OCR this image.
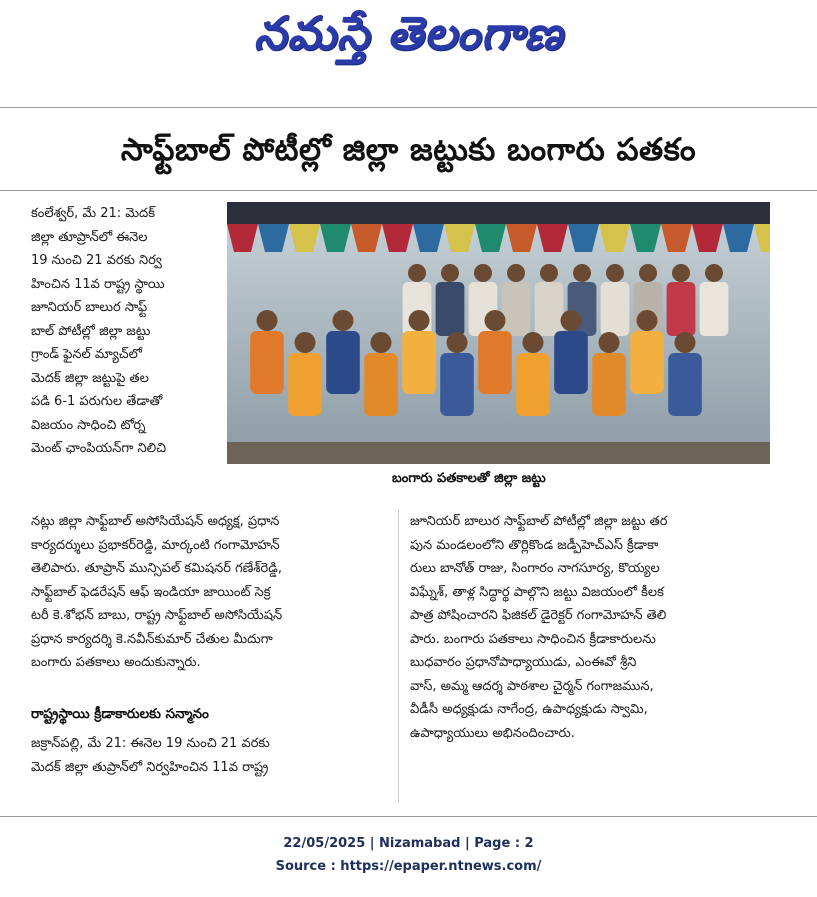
నమస్తే తెలంగాణ
సాఫ్ట్‌బాల్ పోటీల్లో జిల్లా జట్టుకు బంగారు పతకం

కంలేశ్వర్, మే 21: మెదక్

జిల్లా తూప్రాన్‌లో ఈనెల

19 నుంచి 21 వరకు నిర్వ

హించిన 11వ రాష్ట్ర స్థాయి

జూనియర్ బాలుర సాఫ్ట్

బాల్ పోటీల్లో జిల్లా జట్టు

గ్రాండ్ ఫైనల్ మ్యాచ్‌లో

మెదక్ జిల్లా జట్టుపై తల

పడి 6-1 పరుగుల తేడాతో

విజయం సాధించి టోర్న

మెంట్ ఛాంపియన్‌గా నిలిచి

బంగారు పతకాలతో జిల్లా జట్టు

నట్లు జిల్లా సాఫ్ట్‌బాల్ అసోసియేషన్ అధ్యక్ష, ప్రధాన

కార్యదర్శులు ప్రభాకర్‌రెడ్డి, మార్కంటి గంగామోహన్

తెలిపారు. తూప్రాన్ మున్సిపల్ కమిషనర్ గణేశ్‌రెడ్డి,

సాఫ్ట్‌బాల్ ఫెడరేషన్ ఆఫ్ ఇండియా జాయింట్ సెక్ర

టరీ కె.శోభన్ బాబు, రాష్ట్ర సాఫ్ట్‌బాల్ అసోసియేషన్

ప్రధాన కార్యదర్శి కె.నవీన్‌కుమార్ చేతుల మీదుగా

బంగారు పతకాలు అందుకున్నారు.

రాష్ట్రస్థాయి క్రీడాకారులకు సన్మానం

జక్రాన్‌పల్లి, మే 21: ఈనెల 19 నుంచి 21 వరకు

మెదక్ జిల్లా తుప్రాన్‌లో నిర్వహించిన 11వ రాష్ట్ర

జూనియర్ బాలుర సాఫ్ట్‌బాల్ పోటీల్లో జిల్లా జట్టు తర

పున మండలంలోని తొర్లికొండ జడ్పీహెచ్ఎస్ క్రీడాకా

రులు బానోత్ రాజు, సింగారం నాగసూర్య, కొయ్యల

విఘ్నేశ్, తాళ్ల సిద్ధార్థ పాల్గొని జట్టు విజయంలో కీలక

పాత్ర పోషించారని ఫిజికల్ డైరెక్టర్ గంగామోహన్ తెలి

పారు. బంగారు పతకాలు సాధించిన క్రీడాకారులను

బుధవారం ప్రధానోపాధ్యాయుడు, ఎంఈవో శ్రీని

వాస్, అమ్మ ఆదర్శ పాఠశాల చైర్మన్ గంగాజమున,

వీడీసీ అధ్యక్షుడు నాగేంద్ర, ఉపాధ్యక్షుడు స్వామి,

ఉపాధ్యాయులు అభినందించారు.

22/05/2025 | Nizamabad | Page : 2
Source : https://epaper.ntnews.com/
